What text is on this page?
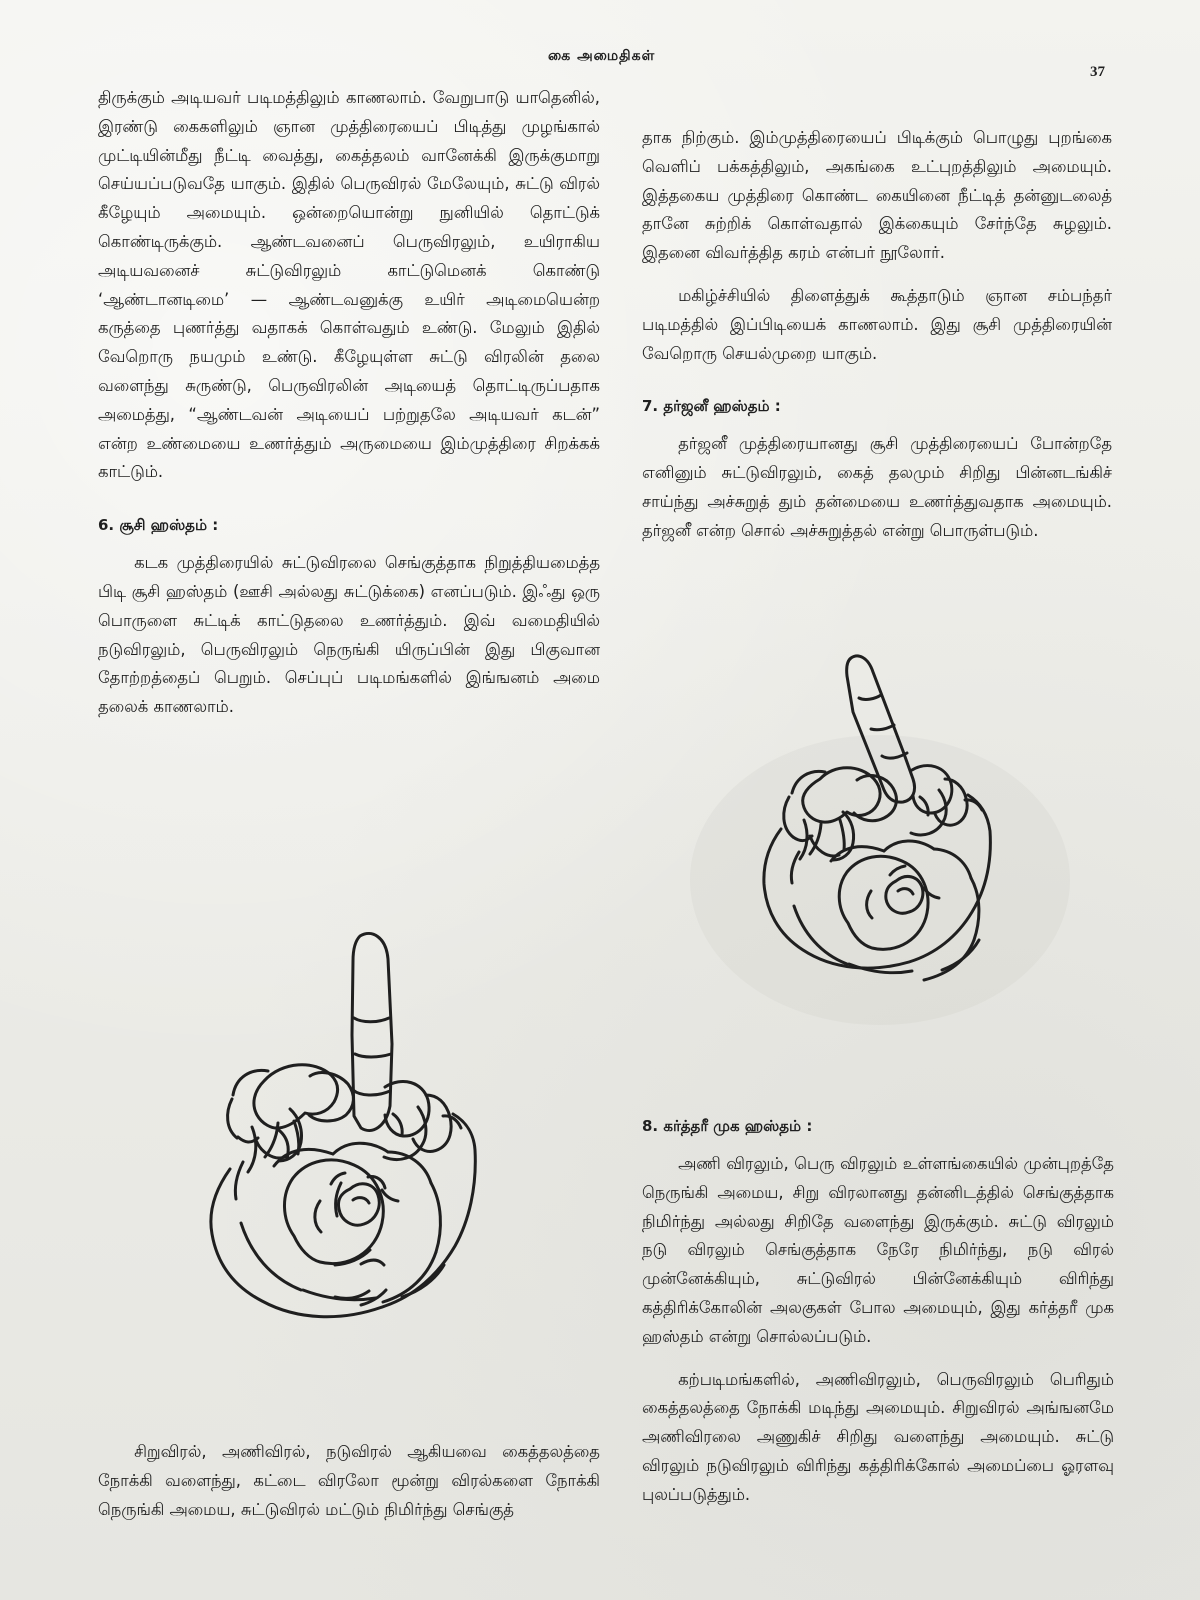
கை அமைதிகள்
37

திருக்கும் அடியவர் படிமத்திலும் காணலாம். வேறுபாடு யாதெனில், இரண்டு கைகளிலும் ஞான முத்திரையைப் பிடித்து முழங்கால் முட்டியின்மீது நீட்டி வைத்து, கைத்தலம் வானேக்கி இருக்குமாறு செய்யப்படுவதே யாகும். இதில் பெருவிரல் மேலேயும், சுட்டு விரல் கீழேயும் அமையும். ஒன்றையொன்று நுனியில் தொட்டுக் கொண்டிருக்கும். ஆண்டவனைப் பெருவிரலும், உயிராகிய அடியவனைச் சுட்டுவிரலும் காட்டுமெனக் கொண்டு ‘ஆண்டானடிமை’ — ஆண்டவனுக்கு உயிர் அடிமையென்ற கருத்தை புணர்த்து வதாகக் கொள்வதும் உண்டு. மேலும் இதில் வேறொரு நயமும் உண்டு. கீழேயுள்ள சுட்டு விரலின் தலை வளைந்து சுருண்டு, பெருவிரலின் அடியைத் தொட்டிருப்பதாக அமைத்து, “ஆண்டவன் அடியைப் பற்றுதலே அடியவர் கடன்” என்ற உண்மையை உணர்த்தும் அருமையை இம்முத்திரை சிறக்கக் காட்டும்.

6. சூசி ஹஸ்தம் :

கடக முத்திரையில் சுட்டுவிரலை செங்குத்தாக நிறுத்தியமைத்த பிடி சூசி ஹஸ்தம் (ஊசி அல்லது சுட்டுக்கை) எனப்படும். இஃது ஒரு பொருளை சுட்டிக் காட்டுதலை உணர்த்தும். இவ் வமைதியில் நடுவிரலும், பெருவிரலும் நெருங்கி யிருப்பின் இது பிகுவான தோற்றத்தைப் பெறும். செப்புப் படிமங்களில் இங்ஙனம் அமை தலைக் காணலாம்.

சிறுவிரல், அணிவிரல், நடுவிரல் ஆகியவை கைத்தலத்தை நோக்கி வளைந்து, கட்டை விரலோ மூன்று விரல்களை நோக்கி நெருங்கி அமைய, சுட்டுவிரல் மட்டும் நிமிர்ந்து செங்குத்

தாக நிற்கும். இம்முத்திரையைப் பிடிக்கும் பொழுது புறங்கை வெளிப் பக்கத்திலும், அகங்கை உட்புறத்திலும் அமையும். இத்தகைய முத்திரை கொண்ட கையினை நீட்டித் தன்னுடலைத் தானே சுற்றிக் கொள்வதால் இக்கையும் சேர்ந்தே சுழலும். இதனை விவர்த்தித கரம் என்பர் நூலோர்.

மகிழ்ச்சியில் திளைத்துக் கூத்தாடும் ஞான சம்பந்தர் படிமத்தில் இப்பிடியைக் காணலாம். இது சூசி முத்திரையின் வேறொரு செயல்முறை யாகும்.

7. தர்ஜனீ ஹஸ்தம் :

தர்ஜனீ முத்திரையானது சூசி முத்திரையைப் போன்றதே எனினும் சுட்டுவிரலும், கைத் தலமும் சிறிது பின்னடங்கிச் சாய்ந்து அச்சுறுத் தும் தன்மையை உணர்த்துவதாக அமையும். தர்ஜனீ என்ற சொல் அச்சுறுத்தல் என்று பொருள்படும்.

8. கர்த்தரீ முக ஹஸ்தம் :

அணி விரலும், பெரு விரலும் உள்ளங்கையில் முன்புறத்தே நெருங்கி அமைய, சிறு விரலானது தன்னிடத்தில் செங்குத்தாக நிமிர்ந்து அல்லது சிறிதே வளைந்து இருக்கும். சுட்டு விரலும் நடு விரலும் செங்குத்தாக நேரே நிமிர்ந்து, நடு விரல் முன்னேக்கியும், சுட்டுவிரல் பின்னேக்கியும் விரிந்து கத்திரிக்கோலின் அலகுகள் போல அமையும், இது கர்த்தரீ முக ஹஸ்தம் என்று சொல்லப்படும்.

கற்படிமங்களில், அணிவிரலும், பெருவிரலும் பெரிதும் கைத்தலத்தை நோக்கி மடிந்து அமையும். சிறுவிரல் அங்ஙனமே அணிவிரலை அணுகிச் சிறிது வளைந்து அமையும். சுட்டு விரலும் நடுவிரலும் விரிந்து கத்திரிக்கோல் அமைப்பை ஓரளவு புலப்படுத்தும்.
